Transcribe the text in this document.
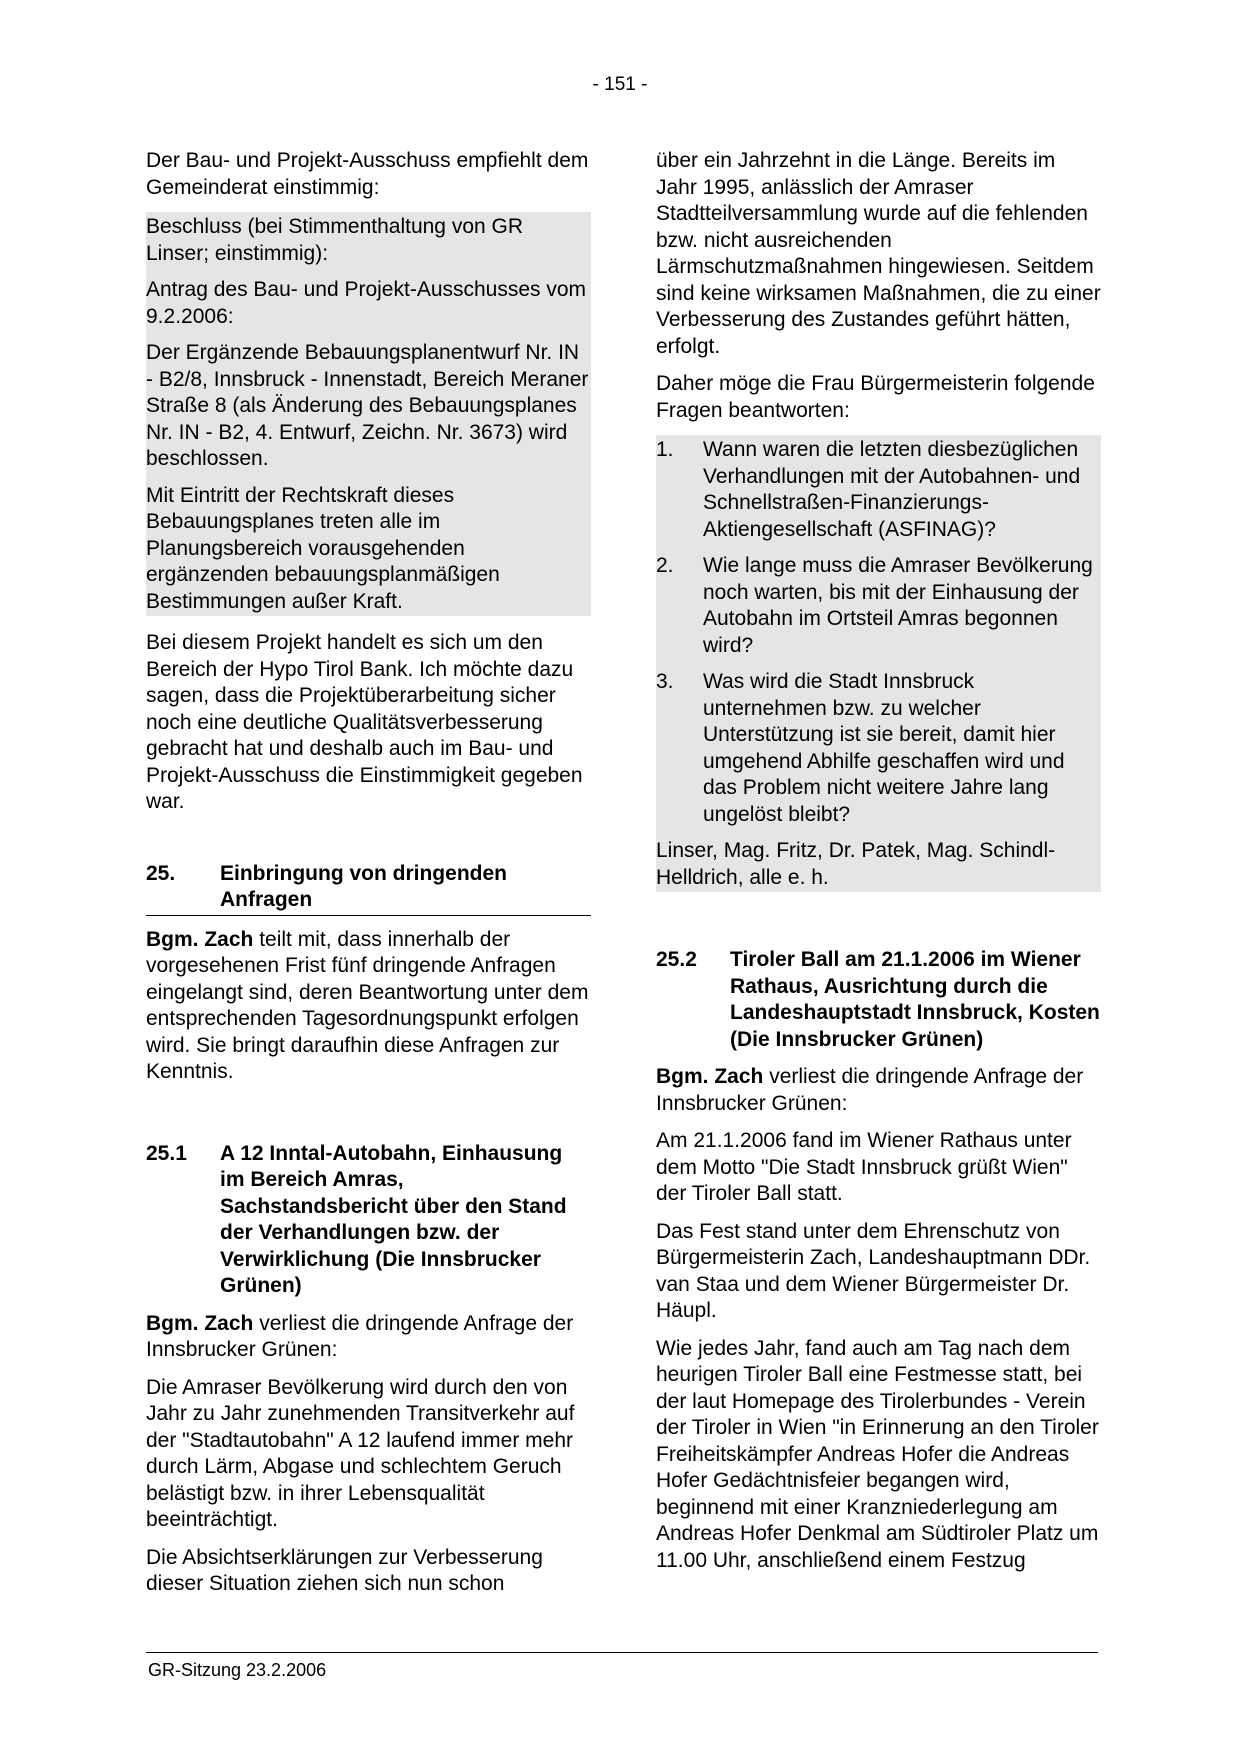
- 151 -

Der Bau- und Projekt-Ausschuss empfiehlt dem Gemeinderat einstimmig:

Beschluss (bei Stimmenthaltung von GR Linser; einstimmig):

Antrag des Bau- und Projekt-Ausschusses vom 9.2.2006:

Der Ergänzende Bebauungsplanentwurf Nr. IN - B2/8, Innsbruck - Innenstadt, Bereich Meraner Straße 8 (als Änderung des Bebauungsplanes Nr. IN - B2, 4. Entwurf, Zeichn. Nr. 3673) wird beschlossen.

Mit Eintritt der Rechtskraft dieses Bebauungsplanes treten alle im Planungsbereich vorausgehenden ergänzenden bebauungsplanmäßigen Bestimmungen außer Kraft.

Bei diesem Projekt handelt es sich um den Bereich der Hypo Tirol Bank. Ich möchte dazu sagen, dass die Projektüberarbeitung sicher noch eine deutliche Qualitätsverbesserung gebracht hat und deshalb auch im Bau- und Projekt-Ausschuss die Einstimmigkeit gegeben war.

25.	Einbringung von dringenden Anfragen

Bgm. Zach teilt mit, dass innerhalb der vorgesehenen Frist fünf dringende Anfragen eingelangt sind, deren Beantwortung unter dem entsprechenden Tagesordnungspunkt erfolgen wird. Sie bringt daraufhin diese Anfragen zur Kenntnis.

25.1	A 12 Inntal-Autobahn, Einhausung im Bereich Amras, Sachstandsbericht über den Stand der Verhandlungen bzw. der Verwirklichung (Die Innsbrucker Grünen)

Bgm. Zach verliest die dringende Anfrage der Innsbrucker Grünen:

Die Amraser Bevölkerung wird durch den von Jahr zu Jahr zunehmenden Transitverkehr auf der "Stadtautobahn" A 12 laufend immer mehr durch Lärm, Abgase und schlechtem Geruch belästigt bzw. in ihrer Lebensqualität beeinträchtigt.

Die Absichtserklärungen zur Verbesserung dieser Situation ziehen sich nun schon

über ein Jahrzehnt in die Länge. Bereits im Jahr 1995, anlässlich der Amraser Stadtteilversammlung wurde auf die fehlenden bzw. nicht ausreichenden Lärmschutzmaßnahmen hingewiesen. Seitdem sind keine wirksamen Maßnahmen, die zu einer Verbesserung des Zustandes geführt hätten, erfolgt.

Daher möge die Frau Bürgermeisterin folgende Fragen beantworten:

1.	Wann waren die letzten diesbezüglichen Verhandlungen mit der Autobahnen- und Schnellstraßen-Finanzierungs-Aktiengesellschaft (ASFINAG)?
2.	Wie lange muss die Amraser Bevölkerung noch warten, bis mit der Einhausung der Autobahn im Ortsteil Amras begonnen wird?
3.	Was wird die Stadt Innsbruck unternehmen bzw. zu welcher Unterstützung ist sie bereit, damit hier umgehend Abhilfe geschaffen wird und das Problem nicht weitere Jahre lang ungelöst bleibt?

Linser, Mag. Fritz, Dr. Patek, Mag. Schindl-Helldrich, alle e. h.

25.2	Tiroler Ball am 21.1.2006 im Wiener Rathaus, Ausrichtung durch die Landeshauptstadt Innsbruck, Kosten (Die Innsbrucker Grünen)

Bgm. Zach verliest die dringende Anfrage der Innsbrucker Grünen:

Am 21.1.2006 fand im Wiener Rathaus unter dem Motto "Die Stadt Innsbruck grüßt Wien" der Tiroler Ball statt.

Das Fest stand unter dem Ehrenschutz von Bürgermeisterin Zach, Landeshauptmann DDr. van Staa und dem Wiener Bürgermeister Dr. Häupl.

Wie jedes Jahr, fand auch am Tag nach dem heurigen Tiroler Ball eine Festmesse statt, bei der laut Homepage des Tirolerbundes - Verein der Tiroler in Wien "in Erinnerung an den Tiroler Freiheitskämpfer Andreas Hofer die Andreas Hofer Gedächtnisfeier begangen wird, beginnend mit einer Kranzniederlegung am Andreas Hofer Denkmal am Südtiroler Platz um 11.00 Uhr, anschließend einem Festzug

GR-Sitzung 23.2.2006
